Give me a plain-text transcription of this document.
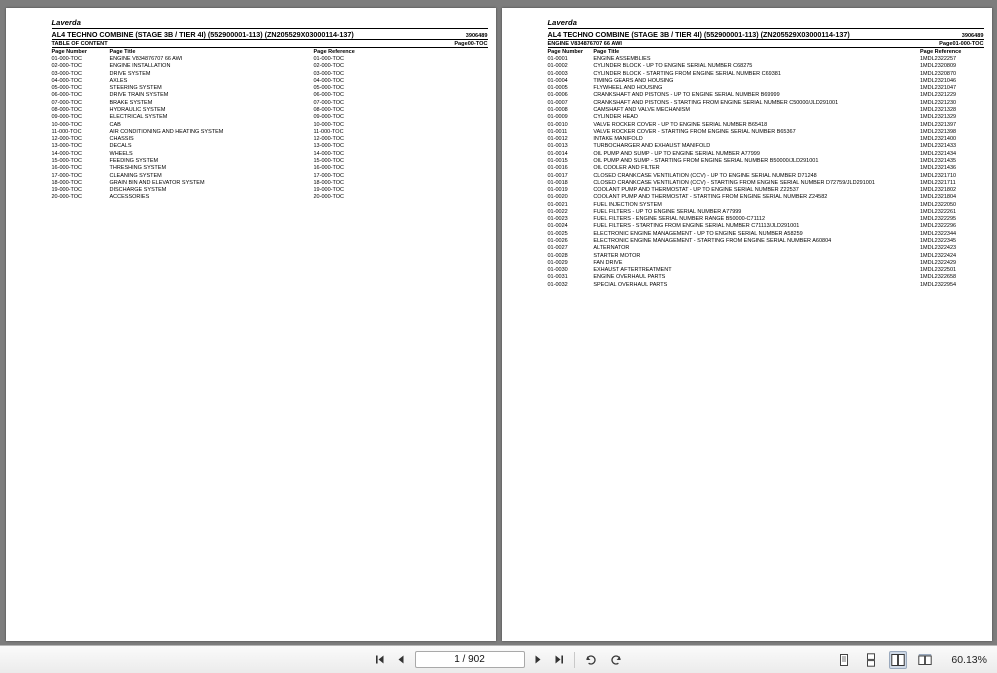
Laverda
AL4 TECHNO COMBINE (STAGE 3B / TIER 4I) (552900001-113) (ZN205529X03000114-137)	3906489
TABLE OF CONTENT	Page00-TOC
Page Number	Page Title	Page Reference
01-000-TOC	ENGINE V834876707 66 AWI	01-000-TOC
02-000-TOC	ENGINE INSTALLATION	02-000-TOC
03-000-TOC	DRIVE SYSTEM	03-000-TOC
04-000-TOC	AXLES	04-000-TOC
05-000-TOC	STEERING SYSTEM	05-000-TOC
06-000-TOC	DRIVE TRAIN SYSTEM	06-000-TOC
07-000-TOC	BRAKE SYSTEM	07-000-TOC
08-000-TOC	HYDRAULIC SYSTEM	08-000-TOC
09-000-TOC	ELECTRICAL SYSTEM	09-000-TOC
10-000-TOC	CAB	10-000-TOC
11-000-TOC	AIR CONDITIONING AND HEATING SYSTEM	11-000-TOC
12-000-TOC	CHASSIS	12-000-TOC
13-000-TOC	DECALS	13-000-TOC
14-000-TOC	WHEELS	14-000-TOC
15-000-TOC	FEEDING SYSTEM	15-000-TOC
16-000-TOC	THRESHING SYSTEM	16-000-TOC
17-000-TOC	CLEANING SYSTEM	17-000-TOC
18-000-TOC	GRAIN BIN AND ELEVATOR SYSTEM	18-000-TOC
19-000-TOC	DISCHARGE SYSTEM	19-000-TOC
20-000-TOC	ACCESSORIES	20-000-TOC
Laverda
AL4 TECHNO COMBINE (STAGE 3B / TIER 4I) (552900001-113) (ZN205529X03000114-137)	3906489
ENGINE V834876707 66 AWI	Page01-000-TOC
Page Number	Page Title	Page Reference
01-0001	ENGINE ASSEMBLIES	1MDL2322257
01-0002	CYLINDER BLOCK - UP TO ENGINE SERIAL NUMBER C68275	1MDL2320809
01-0003	CYLINDER BLOCK - STARTING FROM ENGINE SERIAL NUMBER C69381	1MDL2320870
01-0004	TIMING GEARS AND HOUSING	1MDL2321046
01-0005	FLYWHEEL AND HOUSING	1MDL2321047
01-0006	CRANKSHAFT AND PISTONS - UP TO ENGINE SERIAL NUMBER B69999	1MDL2321229
01-0007	CRANKSHAFT AND PISTONS - STARTING FROM ENGINE SERIAL NUMBER C50000/JLD291001	1MDL2321230
01-0008	CAMSHAFT AND VALVE MECHANISM	1MDL2321328
01-0009	CYLINDER HEAD	1MDL2321329
01-0010	VALVE ROCKER COVER - UP TO ENGINE SERIAL NUMBER B65418	1MDL2321397
01-0011	VALVE ROCKER COVER - STARTING FROM ENGINE SERIAL NUMBER B65367	1MDL2321398
01-0012	INTAKE MANIFOLD	1MDL2321400
01-0013	TURBOCHARGER AND EXHAUST MANIFOLD	1MDL2321433
01-0014	OIL PUMP AND SUMP - UP TO ENGINE SERIAL NUMBER A77999	1MDL2321434
01-0015	OIL PUMP AND SUMP - STARTING FROM ENGINE SERIAL NUMBER B50000/JLD291001	1MDL2321435
01-0016	OIL COOLER AND FILTER	1MDL2321436
01-0017	CLOSED CRANKCASE VENTILATION (CCV) - UP TO ENGINE SERIAL NUMBER D71248	1MDL2321710
01-0018	CLOSED CRANKCASE VENTILATION (CCV) - STARTING FROM ENGINE SERIAL NUMBER D72759/JLD291001	1MDL2321711
01-0019	COOLANT PUMP AND THERMOSTAT - UP TO ENGINE SERIAL NUMBER Z22537	1MDL2321802
01-0020	COOLANT PUMP AND THERMOSTAT - STARTING FROM ENGINE SERIAL NUMBER Z24582	1MDL2321804
01-0021	FUEL INJECTION SYSTEM	1MDL2322050
01-0022	FUEL FILTERS - UP TO ENGINE SERIAL NUMBER A77999	1MDL2322261
01-0023	FUEL FILTERS - ENGINE SERIAL NUMBER RANGE B50000-C71112	1MDL2322295
01-0024	FUEL FILTERS - STARTING FROM ENGINE SERIAL NUMBER C71113/JLD291001	1MDL2322296
01-0025	ELECTRONIC ENGINE MANAGEMENT - UP TO ENGINE SERIAL NUMBER A58259	1MDL2322344
01-0026	ELECTRONIC ENGINE MANAGEMENT - STARTING FROM ENGINE SERIAL NUMBER A60804	1MDL2322345
01-0027	ALTERNATOR	1MDL2322423
01-0028	STARTER MOTOR	1MDL2322424
01-0029	FAN DRIVE	1MDL2322429
01-0030	EXHAUST AFTERTREATMENT	1MDL2322501
01-0031	ENGINE OVERHAUL PARTS	1MDL2322658
01-0032	SPECIAL OVERHAUL PARTS	1MDL2322954
1 / 902	60.13%
